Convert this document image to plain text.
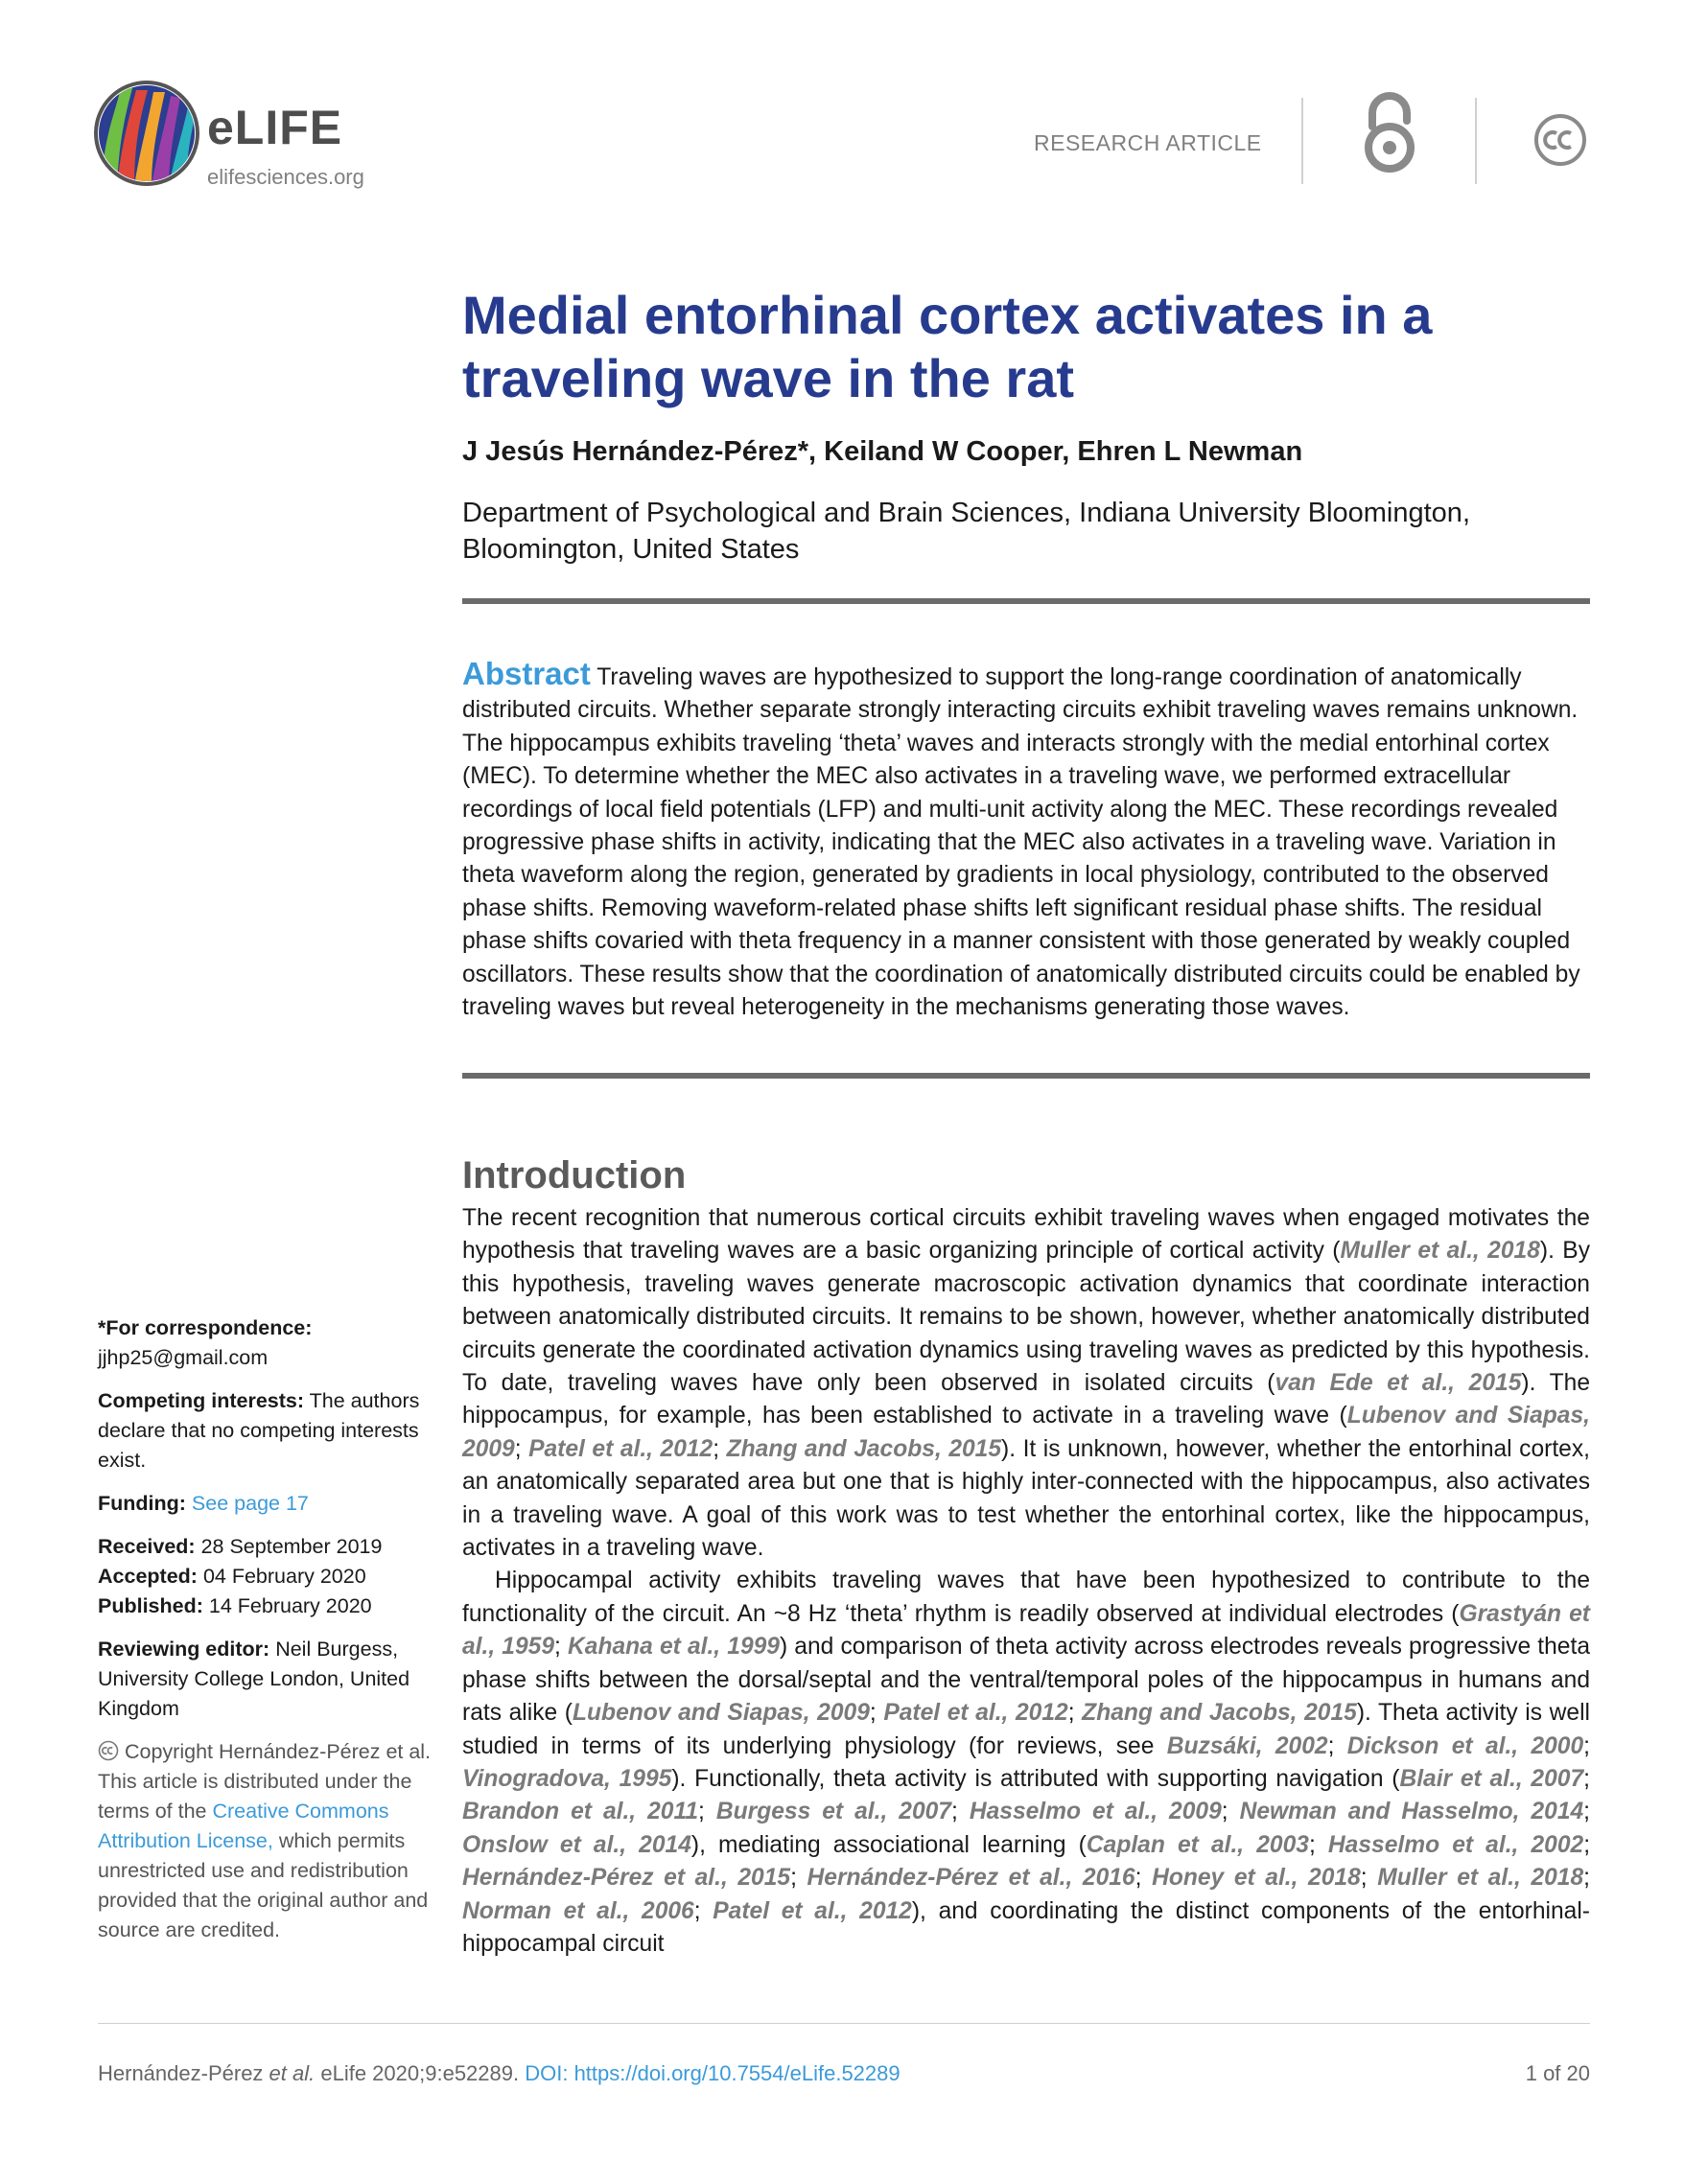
eLIFE
elifesciences.org
RESEARCH ARTICLE
Medial entorhinal cortex activates in a traveling wave in the rat
J Jesús Hernández-Pérez*, Keiland W Cooper, Ehren L Newman
Department of Psychological and Brain Sciences, Indiana University Bloomington, Bloomington, United States
Abstract Traveling waves are hypothesized to support the long-range coordination of anatomically distributed circuits. Whether separate strongly interacting circuits exhibit traveling waves remains unknown. The hippocampus exhibits traveling ‘theta’ waves and interacts strongly with the medial entorhinal cortex (MEC). To determine whether the MEC also activates in a traveling wave, we performed extracellular recordings of local field potentials (LFP) and multi-unit activity along the MEC. These recordings revealed progressive phase shifts in activity, indicating that the MEC also activates in a traveling wave. Variation in theta waveform along the region, generated by gradients in local physiology, contributed to the observed phase shifts. Removing waveform-related phase shifts left significant residual phase shifts. The residual phase shifts covaried with theta frequency in a manner consistent with those generated by weakly coupled oscillators. These results show that the coordination of anatomically distributed circuits could be enabled by traveling waves but reveal heterogeneity in the mechanisms generating those waves.
Introduction

The recent recognition that numerous cortical circuits exhibit traveling waves when engaged motivates the hypothesis that traveling waves are a basic organizing principle of cortical activity (Muller et al., 2018). By this hypothesis, traveling waves generate macroscopic activation dynamics that coordinate interaction between anatomically distributed circuits. It remains to be shown, however, whether anatomically distributed circuits generate the coordinated activation dynamics using traveling waves as predicted by this hypothesis. To date, traveling waves have only been observed in isolated circuits (van Ede et al., 2015). The hippocampus, for example, has been established to activate in a traveling wave (Lubenov and Siapas, 2009; Patel et al., 2012; Zhang and Jacobs, 2015). It is unknown, however, whether the entorhinal cortex, an anatomically separated area but one that is highly inter-connected with the hippocampus, also activates in a traveling wave. A goal of this work was to test whether the entorhinal cortex, like the hippocampus, activates in a traveling wave.

Hippocampal activity exhibits traveling waves that have been hypothesized to contribute to the functionality of the circuit. An ~8 Hz ‘theta’ rhythm is readily observed at individual electrodes (Grastyán et al., 1959; Kahana et al., 1999) and comparison of theta activity across electrodes reveals progressive theta phase shifts between the dorsal/septal and the ventral/temporal poles of the hippocampus in humans and rats alike (Lubenov and Siapas, 2009; Patel et al., 2012; Zhang and Jacobs, 2015). Theta activity is well studied in terms of its underlying physiology (for reviews, see Buzsáki, 2002; Dickson et al., 2000; Vinogradova, 1995). Functionally, theta activity is attributed with supporting navigation (Blair et al., 2007; Brandon et al., 2011; Burgess et al., 2007; Hasselmo et al., 2009; Newman and Hasselmo, 2014; Onslow et al., 2014), mediating associational learning (Caplan et al., 2003; Hasselmo et al., 2002; Hernández-Pérez et al., 2015; Hernández-Pérez et al., 2016; Honey et al., 2018; Muller et al., 2018; Norman et al., 2006; Patel et al., 2012), and coordinating the distinct components of the entorhinal-hippocampal circuit

*For correspondence:
jjhp25@gmail.com
Competing interests: The authors declare that no competing interests exist.
Funding: See page 17
Received: 28 September 2019
Accepted: 04 February 2020
Published: 14 February 2020
Reviewing editor: Neil Burgess, University College London, United Kingdom
Copyright Hernández-Pérez et al. This article is distributed under the terms of the Creative Commons Attribution License, which permits unrestricted use and redistribution provided that the original author and source are credited.
Hernández-Pérez et al. eLife 2020;9:e52289. DOI: https://doi.org/10.7554/eLife.52289	1 of 20
